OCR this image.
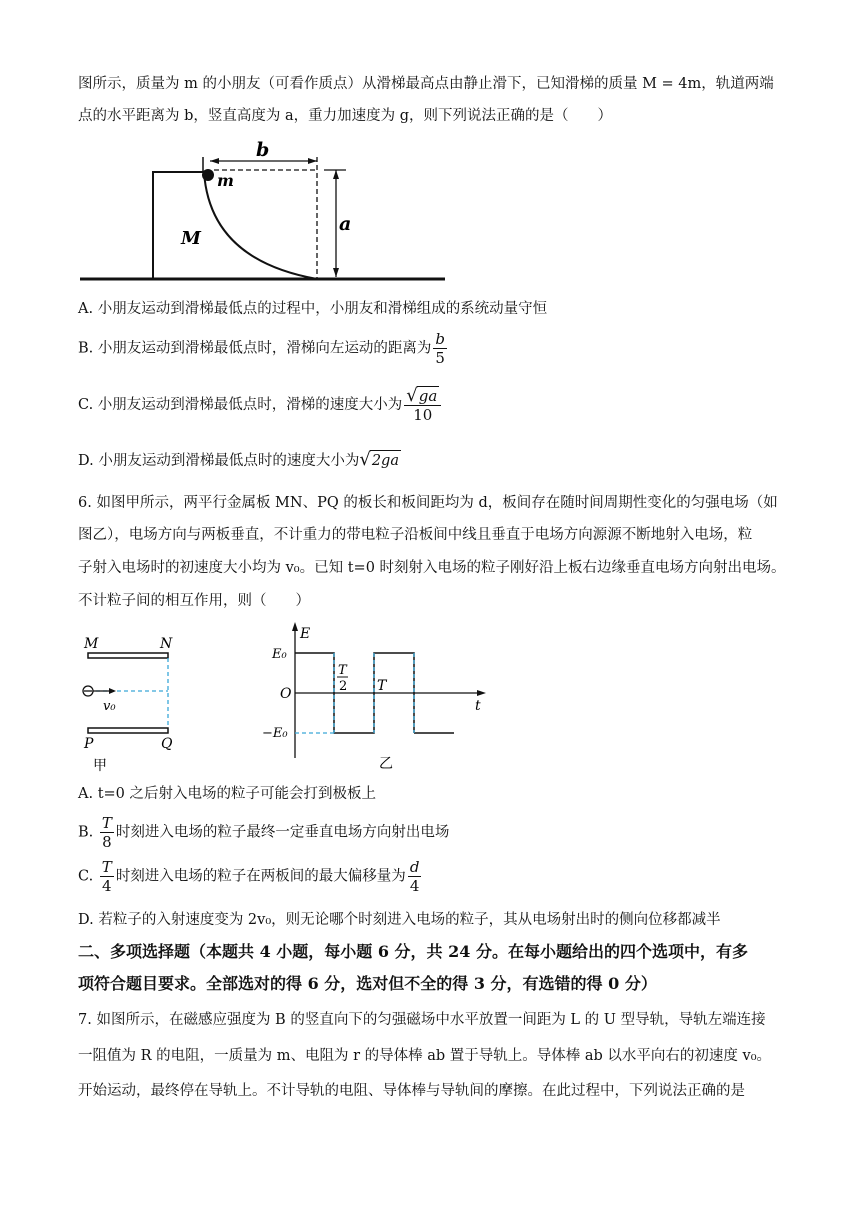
图所示，质量为 m 的小朋友（可看作质点）从滑梯最高点由静止滑下，已知滑梯的质量 M = 4m，轨道两端
点的水平距离为 b，竖直高度为 a，重力加速度为 g，则下列说法正确的是（　　）
b
m
M
a
A. 小朋友运动到滑梯最低点的过程中，小朋友和滑梯组成的系统动量守恒
B. 小朋友运动到滑梯最低点时，滑梯向左运动的距离为 $\frac{b}{5}$
C. 小朋友运动到滑梯最低点时，滑梯的速度大小为 $\frac{√ga}{10}$
D. 小朋友运动到滑梯最低点时的速度大小为√2ga
6. 如图甲所示，两平行金属板 MN、PQ 的板长和板间距均为 d，板间存在随时间周期性变化的匀强电场（如
图乙），电场方向与两板垂直，不计重力的带电粒子沿板间中线且垂直于电场方向源源不断地射入电场，粒
子射入电场时的初速度大小均为 v₀。已知 t=0 时刻射入电场的粒子刚好沿上板右边缘垂直电场方向射出电场。
不计粒子间的相互作用，则（　　）
M	N
P	Q
v₀
甲
E
E₀
−E₀
O
T
2 T
t
乙
A. t=0 之后射入电场的粒子可能会打到极板上
B. $\frac{T}{8}$ 时刻进入电场的粒子最终一定垂直电场方向射出电场
C. $\frac{T}{4}$ 时刻进入电场的粒子在两板间的最大偏移量为 $\frac{d}{4}$
D. 若粒子的入射速度变为 2v₀，则无论哪个时刻进入电场的粒子，其从电场射出时的侧向位移都减半
二、多项选择题（本题共 4 小题，每小题 6 分，共 24 分。在每小题给出的四个选项中，有多
项符合题目要求。全部选对的得 6 分，选对但不全的得 3 分，有选错的得 0 分）
7. 如图所示，在磁感应强度为 B 的竖直向下的匀强磁场中水平放置一间距为 L 的 U 型导轨，导轨左端连接
一阻值为 R 的电阻，一质量为 m、电阻为 r 的导体棒 ab 置于导轨上。导体棒 ab 以水平向右的初速度 v₀。
开始运动，最终停在导轨上。不计导轨的电阻、导体棒与导轨间的摩擦。在此过程中，下列说法正确的是
